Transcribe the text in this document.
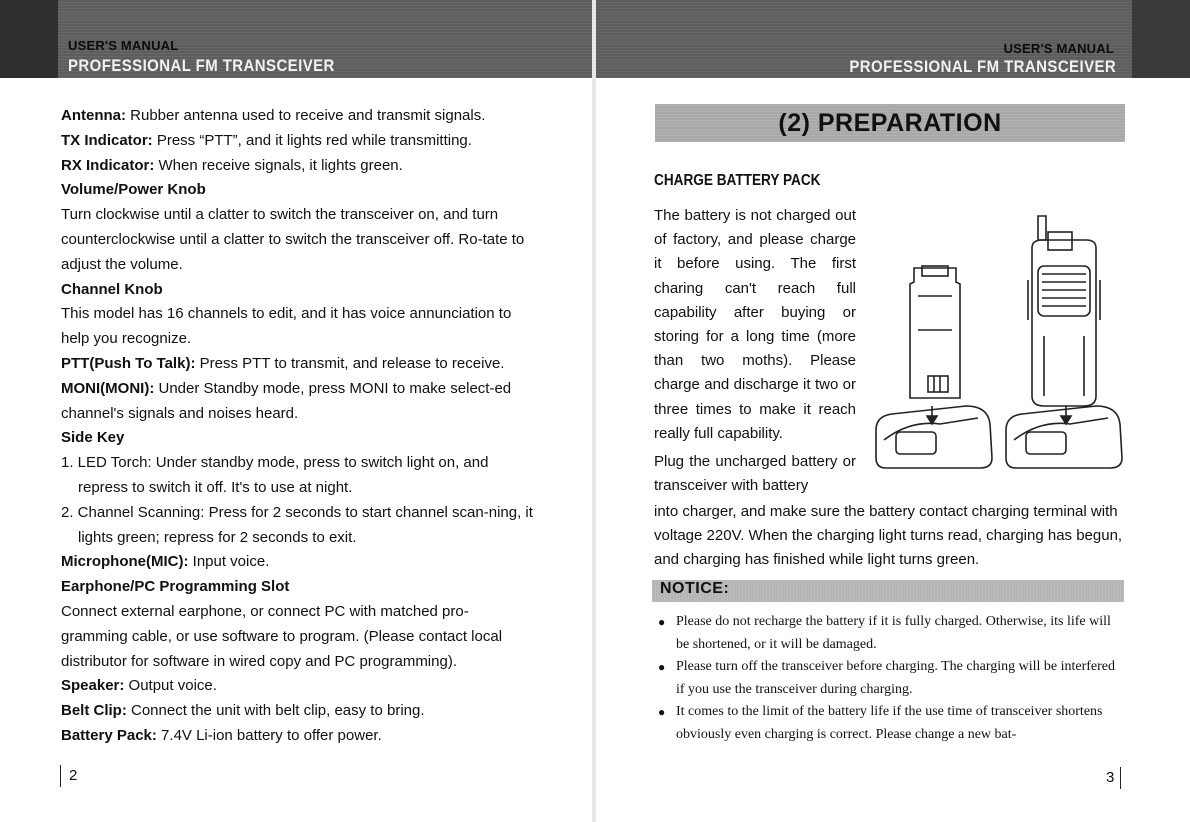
USER'S MANUAL
PROFESSIONAL FM TRANSCEIVER
USER'S MANUAL
PROFESSIONAL FM TRANSCEIVER

Antenna: Rubber antenna used to receive and transmit signals.

TX Indicator: Press “PTT”, and it lights red while transmitting.

RX Indicator: When receive signals, it lights green.

Volume/Power Knob

Turn clockwise until a clatter to switch the transceiver on, and turn counterclockwise until a clatter to switch the transceiver off. Ro-tate to adjust the volume.

Channel Knob

This model has 16 channels to edit, and it has voice annunciation to help you recognize.

PTT(Push To Talk): Press PTT to transmit, and release to receive.

MONI(MONI): Under Standby mode, press MONI to make select-ed channel's signals and noises heard.

Side Key

1. LED Torch: Under standby mode, press to switch light on, and repress to switch it off. It's to use at night.

2. Channel Scanning: Press for 2 seconds to start channel scan-ning, it lights green; repress for 2 seconds to exit.

Microphone(MIC): Input voice.

Earphone/PC Programming Slot

Connect external earphone, or connect PC with matched pro-gramming cable, or use software to program. (Please contact local distributor for software in wired copy and PC programming).

Speaker: Output voice.

Belt Clip: Connect the unit with belt clip, easy to bring.

Battery Pack: 7.4V Li-ion battery to offer power.

2
(2) PREPARATION
CHARGE BATTERY PACK

The battery is not charged out of factory, and please charge it before using. The first charing can't reach full capability after buying or storing for a long time (more than two moths). Please charge and discharge it two or three times to make it reach really full capability.

Plug the uncharged battery or transceiver with battery

into charger, and make sure the battery contact charging terminal with voltage 220V. When the charging light turns read, charging has begun, and charging has finished while light turns green.

NOTICE:
● Please do not recharge the battery if it is fully charged. Otherwise, its life will be shortened, or it will be damaged.
● Please turn off the transceiver before charging. The charging will be interfered if you use the transceiver during charging.
● It comes to the limit of the battery life if the use time of transceiver shortens obviously even charging is correct. Please change a new bat-
3
